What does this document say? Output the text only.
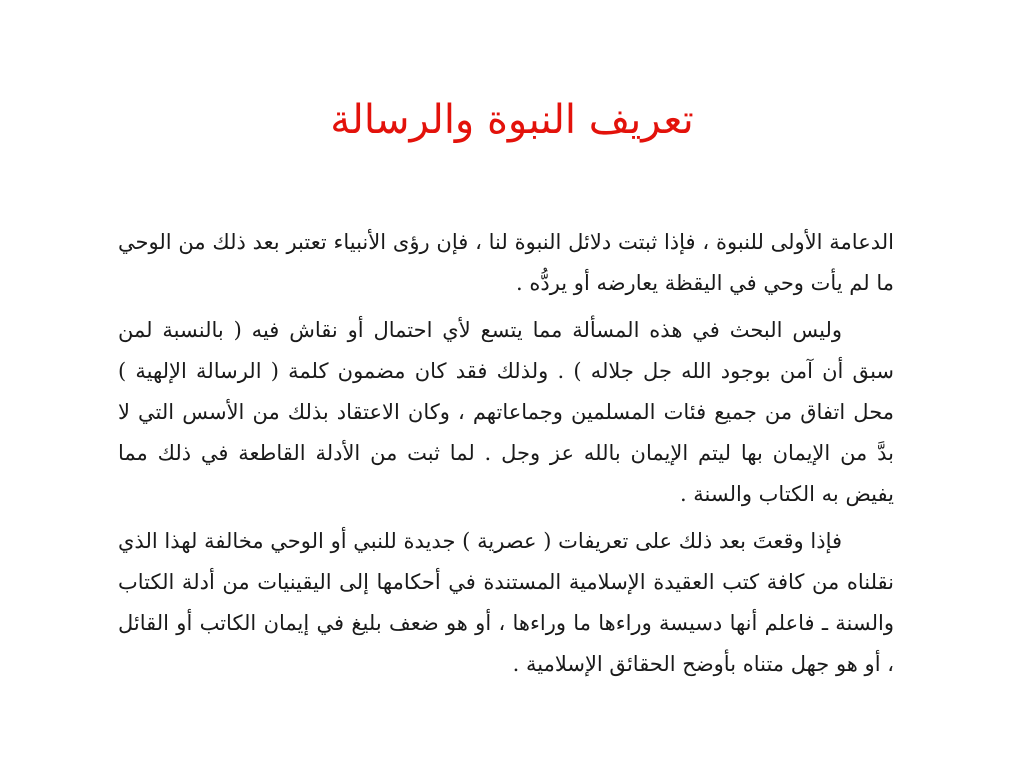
تعريف النبوة والرسالة

الدعامة الأولى للنبوة ، فإذا ثبتت دلائل النبوة لنا ، فإن رؤى الأنبياء تعتبر بعد ذلك من الوحي ما لم يأت وحي في اليقظة يعارضه أو يردُّه .

وليس البحث في هذه المسألة مما يتسع لأي احتمال أو نقاش فيه ( بالنسبة لمن سبق أن آمن بوجود الله جل جلاله ) . ولذلك فقد كان مضمون كلمة ( الرسالة الإلهية ) محل اتفاق من جميع فئات المسلمين وجماعاتهم ، وكان الاعتقاد بذلك من الأسس التي لا بدَّ من الإيمان بها ليتم الإيمان بالله عز وجل . لما ثبت من الأدلة القاطعة في ذلك مما يفيض به الكتاب والسنة .

فإذا وقعتَ بعد ذلك على تعريفات ( عصرية ) جديدة للنبي أو الوحي مخالفة لهذا الذي نقلناه من كافة كتب العقيدة الإسلامية المستندة في أحكامها إلى اليقينيات من أدلة الكتاب والسنة ـ فاعلم أنها دسيسة وراءها ما وراءها ، أو هو ضعف بليغ في إيمان الكاتب أو القائل ، أو هو جهل متناه بأوضح الحقائق الإسلامية .
